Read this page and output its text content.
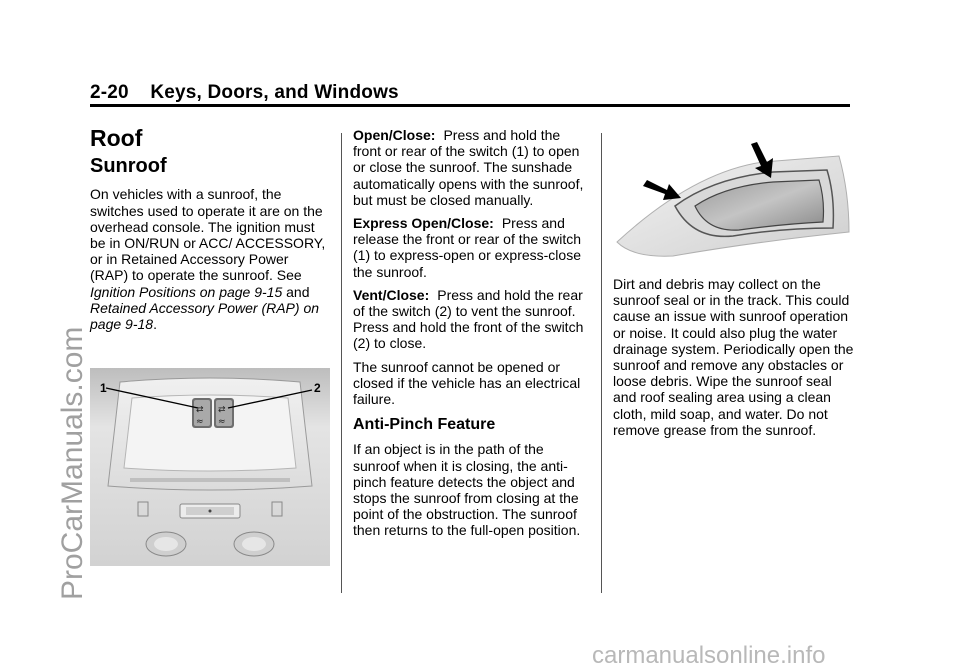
2-20 Keys, Doors, and Windows
Roof
Sunroof

On vehicles with a sunroof, the switches used to operate it are on the overhead console. The ignition must be in ON/RUN or ACC/ ACCESSORY, or in Retained Accessory Power (RAP) to operate the sunroof. See Ignition Positions on page 9-15 and Retained Accessory Power (RAP) on page 9-18.

⇄
≈
⇄
≈
1	2

Open/Close: Press and hold the front or rear of the switch (1) to open or close the sunroof. The sunshade automatically opens with the sunroof, but must be closed manually.

Express Open/Close: Press and release the front or rear of the switch (1) to express-open or express-close the sunroof.

Vent/Close: Press and hold the rear of the switch (2) to vent the sunroof. Press and hold the front of the switch (2) to close.

The sunroof cannot be opened or closed if the vehicle has an electrical failure.

Anti-Pinch Feature

If an object is in the path of the sunroof when it is closing, the anti-pinch feature detects the object and stops the sunroof from closing at the point of the obstruction. The sunroof then returns to the full-open position.

Dirt and debris may collect on the sunroof seal or in the track. This could cause an issue with sunroof operation or noise. It could also plug the water drainage system. Periodically open the sunroof and remove any obstacles or loose debris. Wipe the sunroof seal and roof sealing area using a clean cloth, mild soap, and water. Do not remove grease from the sunroof.

ProCarManuals.com
carmanualsonline.info
